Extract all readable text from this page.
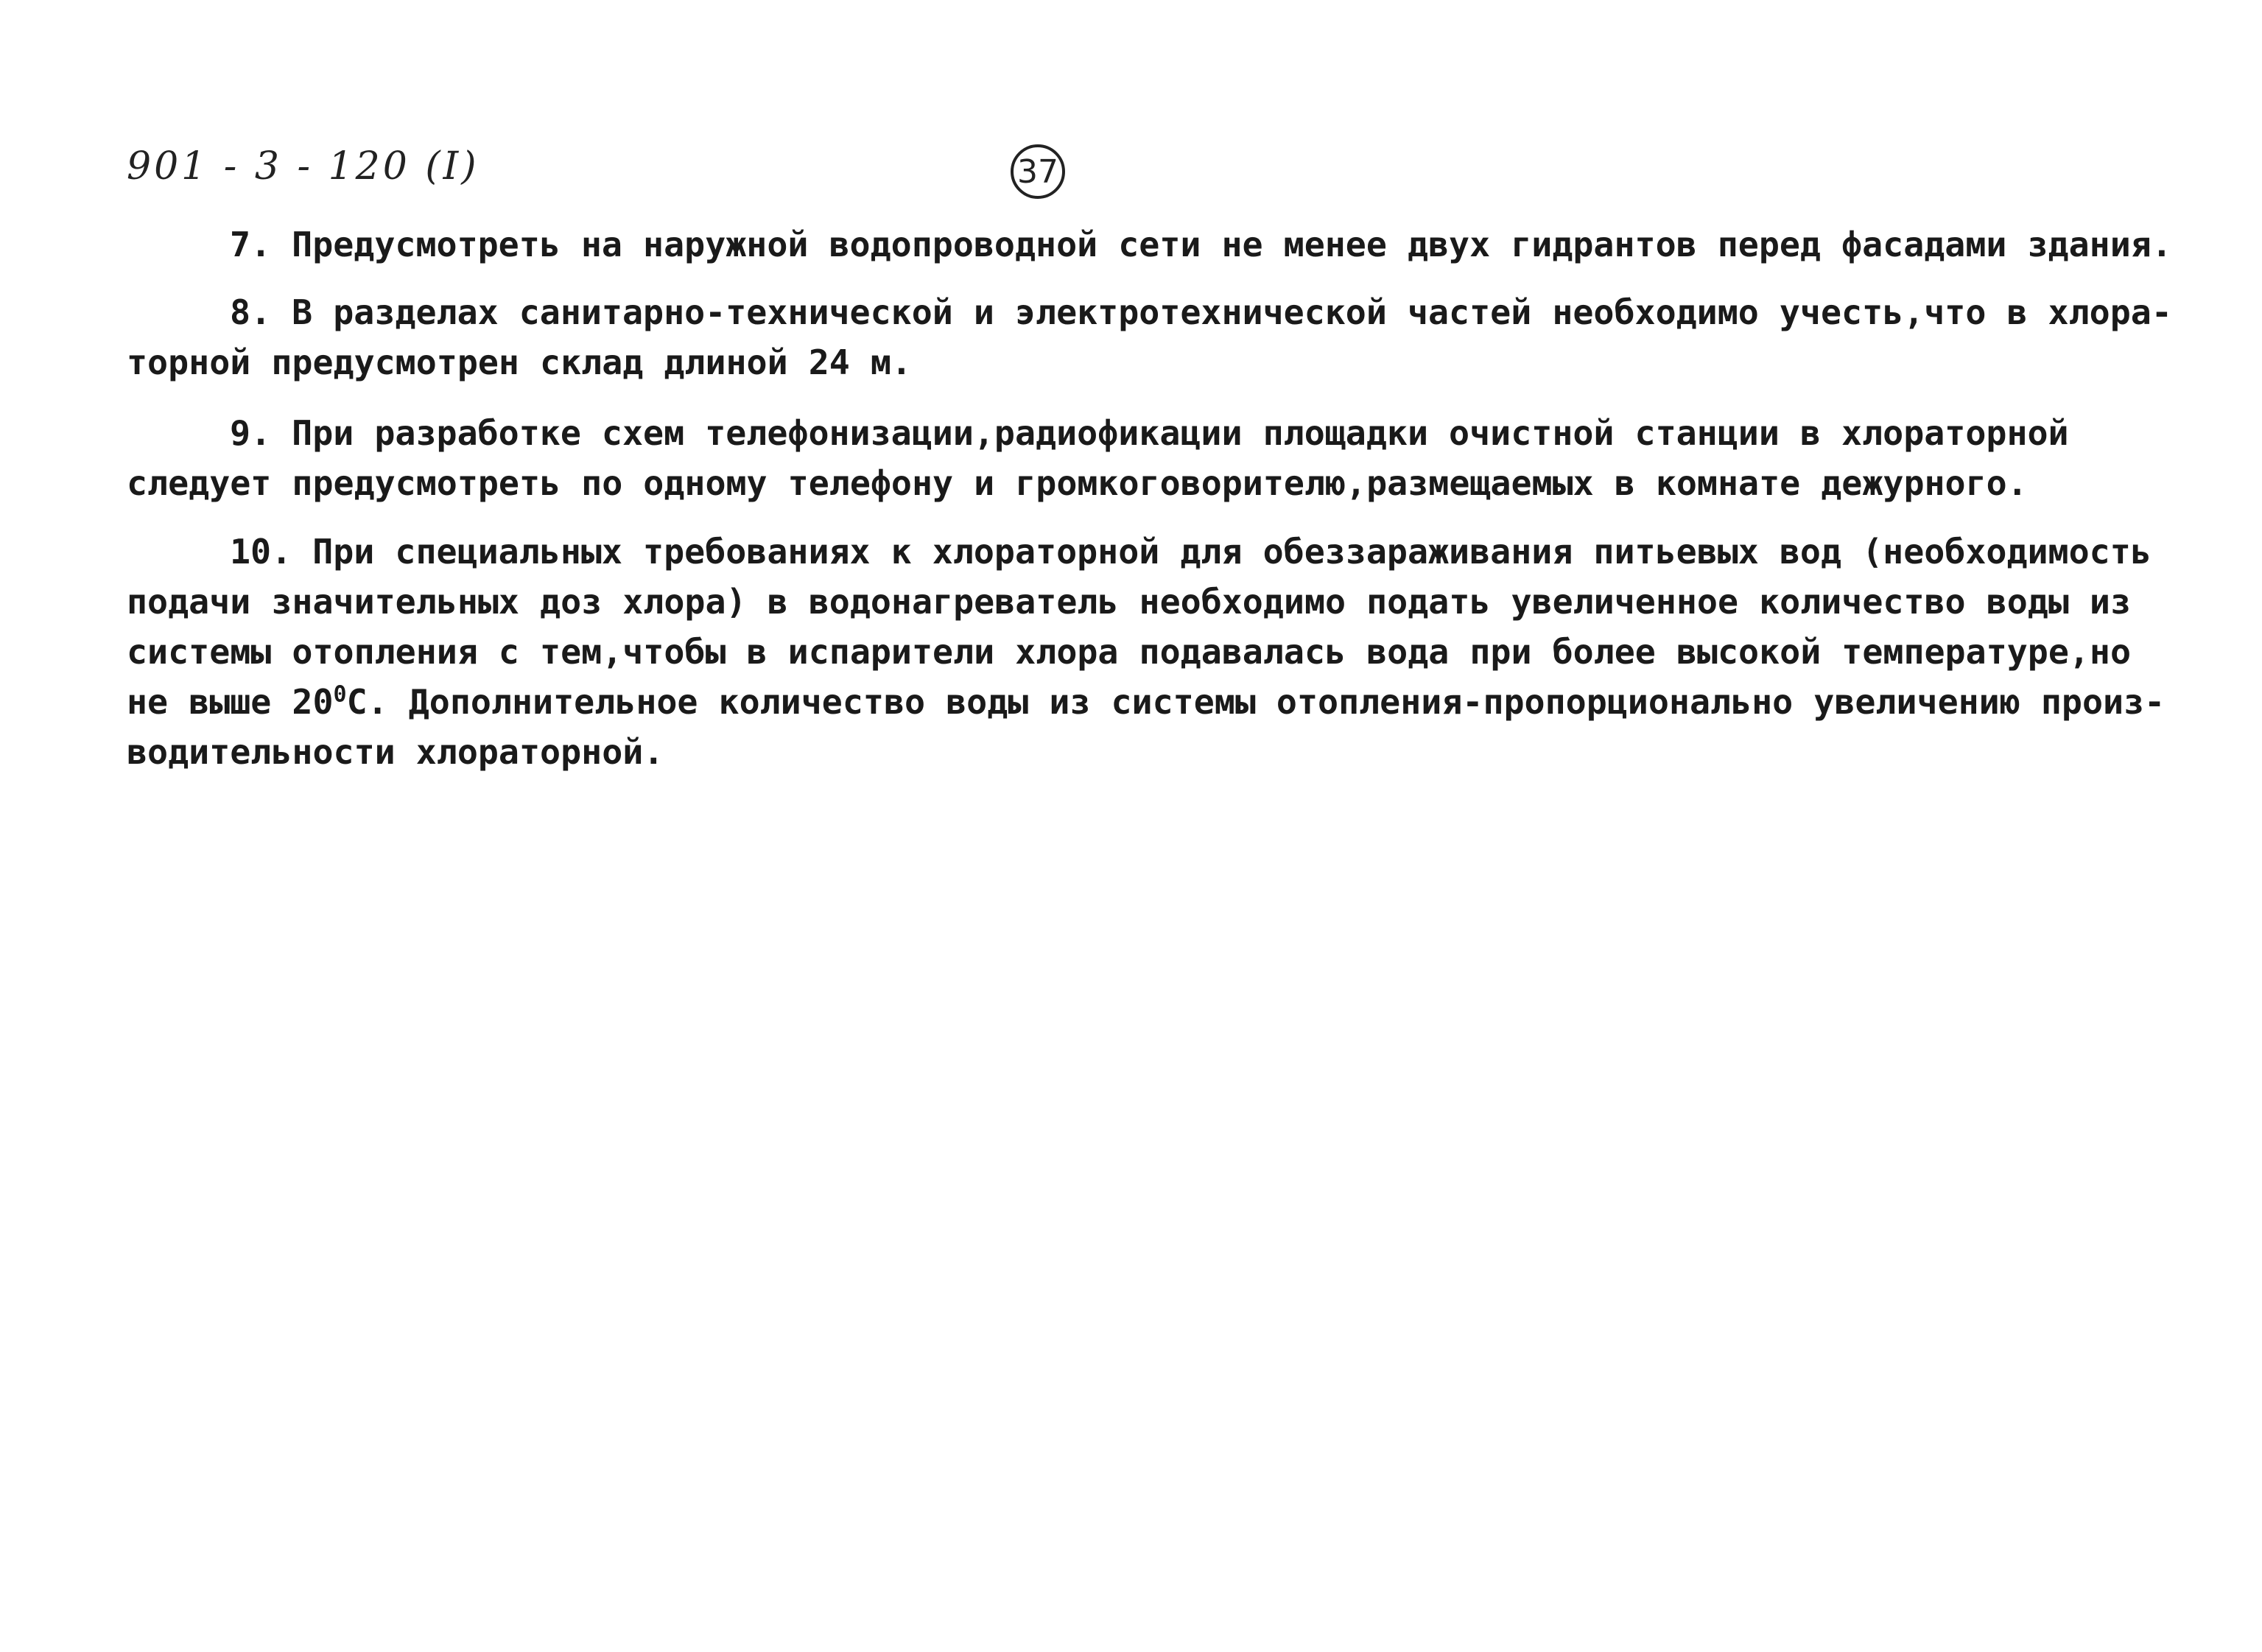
901 - 3 - 120 (I)	37
7. Предусмотреть на наружной водопроводной сети не менее двух гидрантов перед фасадами здания.
8. В разделах санитарно-технической и электротехнической частей необходимо учесть,что в хлора-
торной предусмотрен склад длиной 24 м.
9. При разработке схем телефонизации,радиофикации площадки очистной станции в хлораторной
следует предусмотреть по одному телефону и громкоговорителю,размещаемых в комнате дежурного.
10. При специальных требованиях к хлораторной для обеззараживания питьевых вод (необходимость
подачи значительных доз хлора) в водонагреватель необходимо подать увеличенное количество воды из
системы отопления с тем,чтобы в испарители хлора подавалась вода при более высокой температуре,но
не выше $20^0С$. Дополнительное количество воды из системы отопления-пропорционально увеличению произ-
водительности хлораторной.
